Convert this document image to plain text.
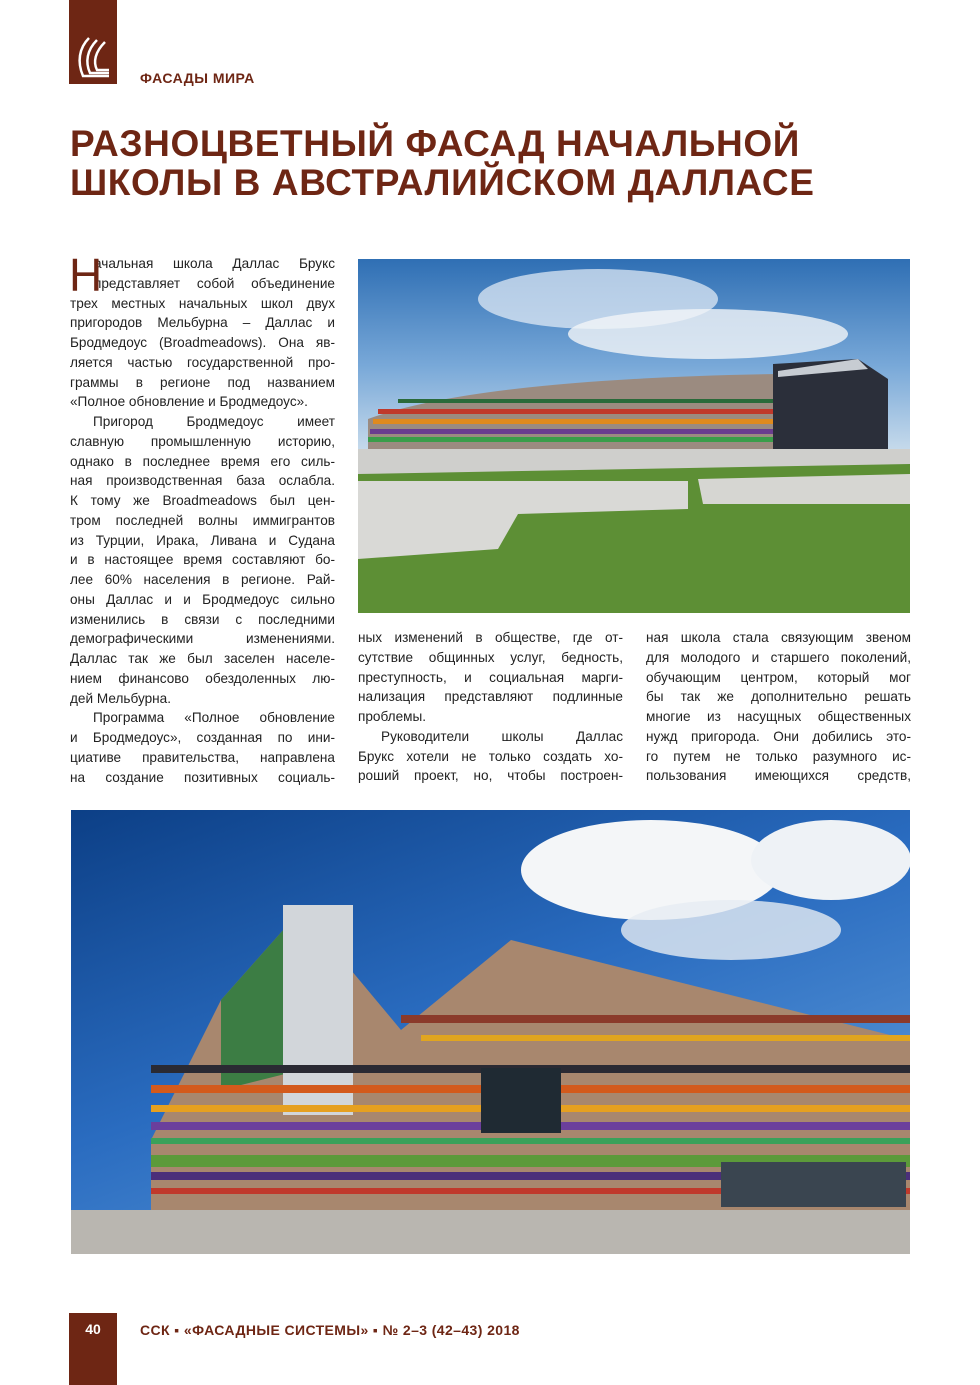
ФАСАДЫ МИРА
РАЗНОЦВЕТНЫЙ ФАСАД НАЧАЛЬНОЙ
ШКОЛЫ В АВСТРАЛИЙСКОМ ДАЛЛАСЕ
ачальная школа Даллас Брукс
представляет собой объединение
трех местных начальных школ двух
пригородов Мельбурна – Даллас и
Бродмедоус (Broadmeadows). Она яв-
ляется частью государственной про-
граммы в регионе под названием
«Полное обновление и Бродмедоус».
Н
Пригород Бродмедоус имеет
славную промышленную историю,
однако в последнее время его силь-
ная производственная база ослабла.
К тому же Broadmeadows был цен-
тром последней волны иммигрантов
из Турции, Ирака, Ливана и Судана
и в настоящее время составляют бо-
лее 60% населения в регионе. Рай-
оны Даллас и и Бродмедоус сильно
изменились в связи с последними
демографическими изменениями.
Даллас так же был заселен населе-
нием финансово обездоленных лю-
дей Мельбурна.
Программа «Полное обновление
и Бродмедоус», созданная по ини-
циативе правительства, направлена
на создание позитивных социаль-
ных изменений в обществе, где от-
сутствие общинных услуг, бедность,
преступность, и социальная марги-
нализация представляют подлинные
проблемы.
Руководители школы Даллас
Брукс хотели не только создать хо-
роший проект, но, чтобы построен-
ная школа стала связующим звеном
для молодого и старшего поколений,
обучающим центром, который мог
бы так же дополнительно решать
многие из насущных общественных
нужд пригорода. Они добились это-
го путем не только разумного ис-
пользования имеющихся средств,
40	ССК ▪ «ФАСАДНЫЕ СИСТЕМЫ» ▪ № 2–3 (42–43) 2018
